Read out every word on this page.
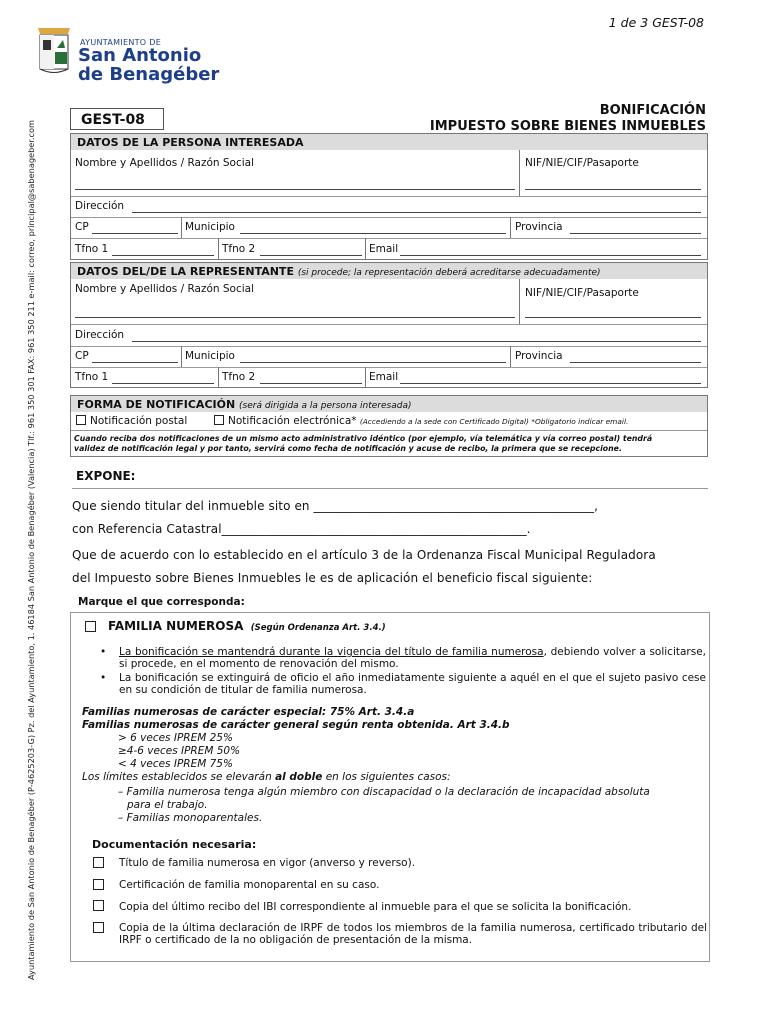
Ayuntamiento de San Antonio de Benagéber (P-4625203-G) Pz. del Ayuntamiento, 1. 46184 San Antonio de Benagéber (Valencia) Tlf.: 961 350 301 FAX: 961 350 211 e-mail: correo, principal@sabenageber.com
1 de 3 GEST-08
AYUNTAMIENTO DE
San Antonio
de Benagéber
GEST-08
BONIFICACIÓN
IMPUESTO SOBRE BIENES INMUEBLES
DATOS DE LA PERSONA INTERESADA
Nombre y Apellidos / Razón Social	NIF/NIE/CIF/Pasaporte
Dirección
CP	Municipio	Provincia
Tfno 1	Tfno 2	Email
DATOS DEL/DE LA REPRESENTANTE (si procede; la representación deberá acreditarse adecuadamente)
Nombre y Apellidos / Razón Social	NIF/NIE/CIF/Pasaporte
Dirección
CP	Municipio	Provincia
Tfno 1	Tfno 2	Email
FORMA DE NOTIFICACIÓN (será dirigida a la persona interesada)
Notificación postal	Notificación electrónica* (Accediendo a la sede con Certificado Digital) *Obligatorio indicar email.
Cuando reciba dos notificaciones de un mismo acto administrativo idéntico (por ejemplo, vía telemática y vía correo postal) tendrá
validez de notificación legal y por tanto, servirá como fecha de notificación y acuse de recibo, la primera que se recepcione.
EXPONE:
Que siendo titular del inmueble sito en ______________________________________________,
con Referencia Catastral__________________________________________________.
Que de acuerdo con lo establecido en el artículo 3 de la Ordenanza Fiscal Municipal Reguladora
del Impuesto sobre Bienes Inmuebles le es de aplicación el beneficio fiscal siguiente:
Marque el que corresponda:
FAMILIA NUMEROSA (Según Ordenanza Art. 3.4.)
• La bonificación se mantendrá durante la vigencia del título de familia numerosa, debiendo volver a solicitarse, si procede, en el momento de renovación del mismo.
• La bonificación se extinguirá de oficio el año inmediatamente siguiente a aquél en el que el sujeto pasivo cese en su condición de titular de familia numerosa.
Familias numerosas de carácter especial: 75% Art. 3.4.a
Familias numerosas de carácter general según renta obtenida. Art 3.4.b
> 6 veces IPREM 25%
≥4-6 veces IPREM 50%
< 4 veces IPREM 75%
Los límites establecidos se elevarán al doble en los siguientes casos:
– Familia numerosa tenga algún miembro con discapacidad o la declaración de incapacidad absoluta
para el trabajo.
– Familias monoparentales.
Documentación necesaria:
Título de familia numerosa en vigor (anverso y reverso).
Certificación de familia monoparental en su caso.
Copia del último recibo del IBI correspondiente al inmueble para el que se solicita la bonificación.
Copia de la última declaración de IRPF de todos los miembros de la familia numerosa, certificado tributario del IRPF o certificado de la no obligación de presentación de la misma.
